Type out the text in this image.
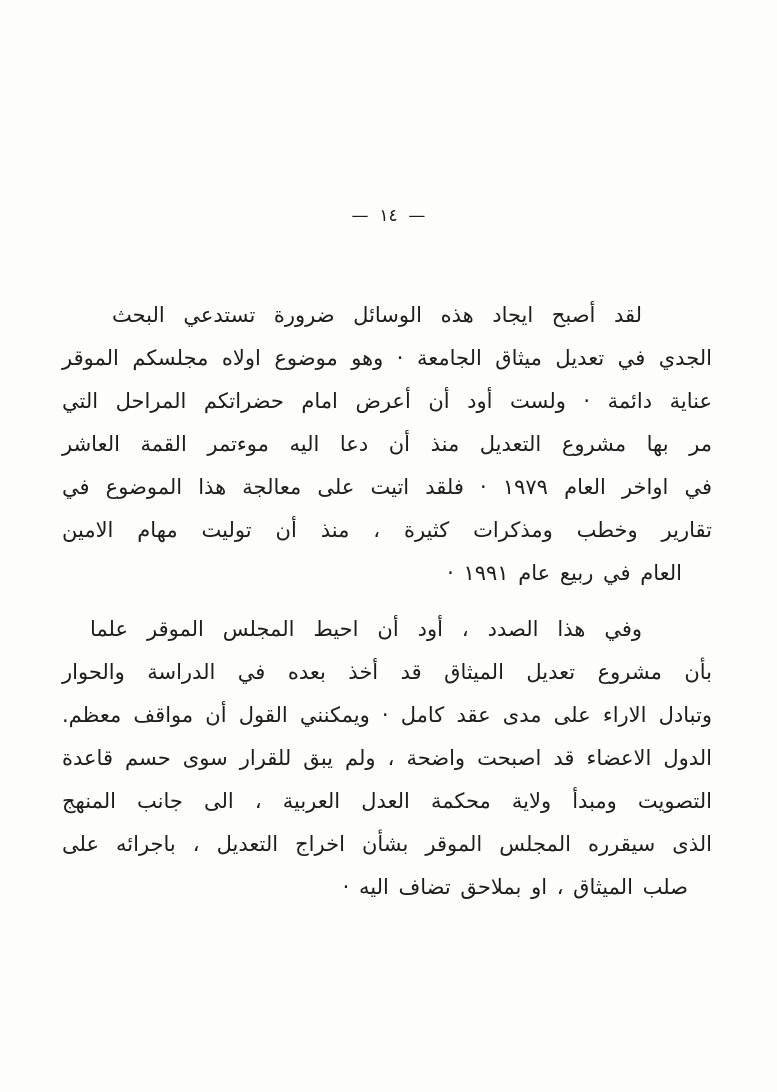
—  ١٤  —
لقد أصبح ايجاد هذه الوسائل ضرورة تستدعي البحث
الجدي في تعديل ميثاق الجامعة · وهو موضوع اولاه مجلسكم الموقر
عناية دائمة · ولست أود أن أعرض امام حضراتكم المراحل التي
مر بها مشروع التعديل منذ أن دعا اليه موءتمر القمة العاشر
في اواخر العام ١٩٧٩ · فلقد اتيت على معالجة هذا الموضوع في
تقارير وخطب ومذكرات كثيرة ، منذ أن توليت مهام الامين
العام في ربيع عام ١٩٩١ ·
وفي هذا الصدد ، أود أن احيط المجلس الموقر علما
بأن مشروع تعديل الميثاق قد أخذ بعده في الدراسة والحوار
وتبادل الاراء على مدى عقد كامل · ويمكنني القول أن مواقف معظم.
الدول الاعضاء قد اصبحت واضحة ، ولم يبق للقرار سوى حسم قاعدة
التصويت ومبدأ ولاية محكمة العدل العربية ، الى جانب المنهج
الذى سيقرره المجلس الموقر بشأن اخراج التعديل ، باجرائه على
صلب الميثاق ، او بملاحق تضاف اليه ·
